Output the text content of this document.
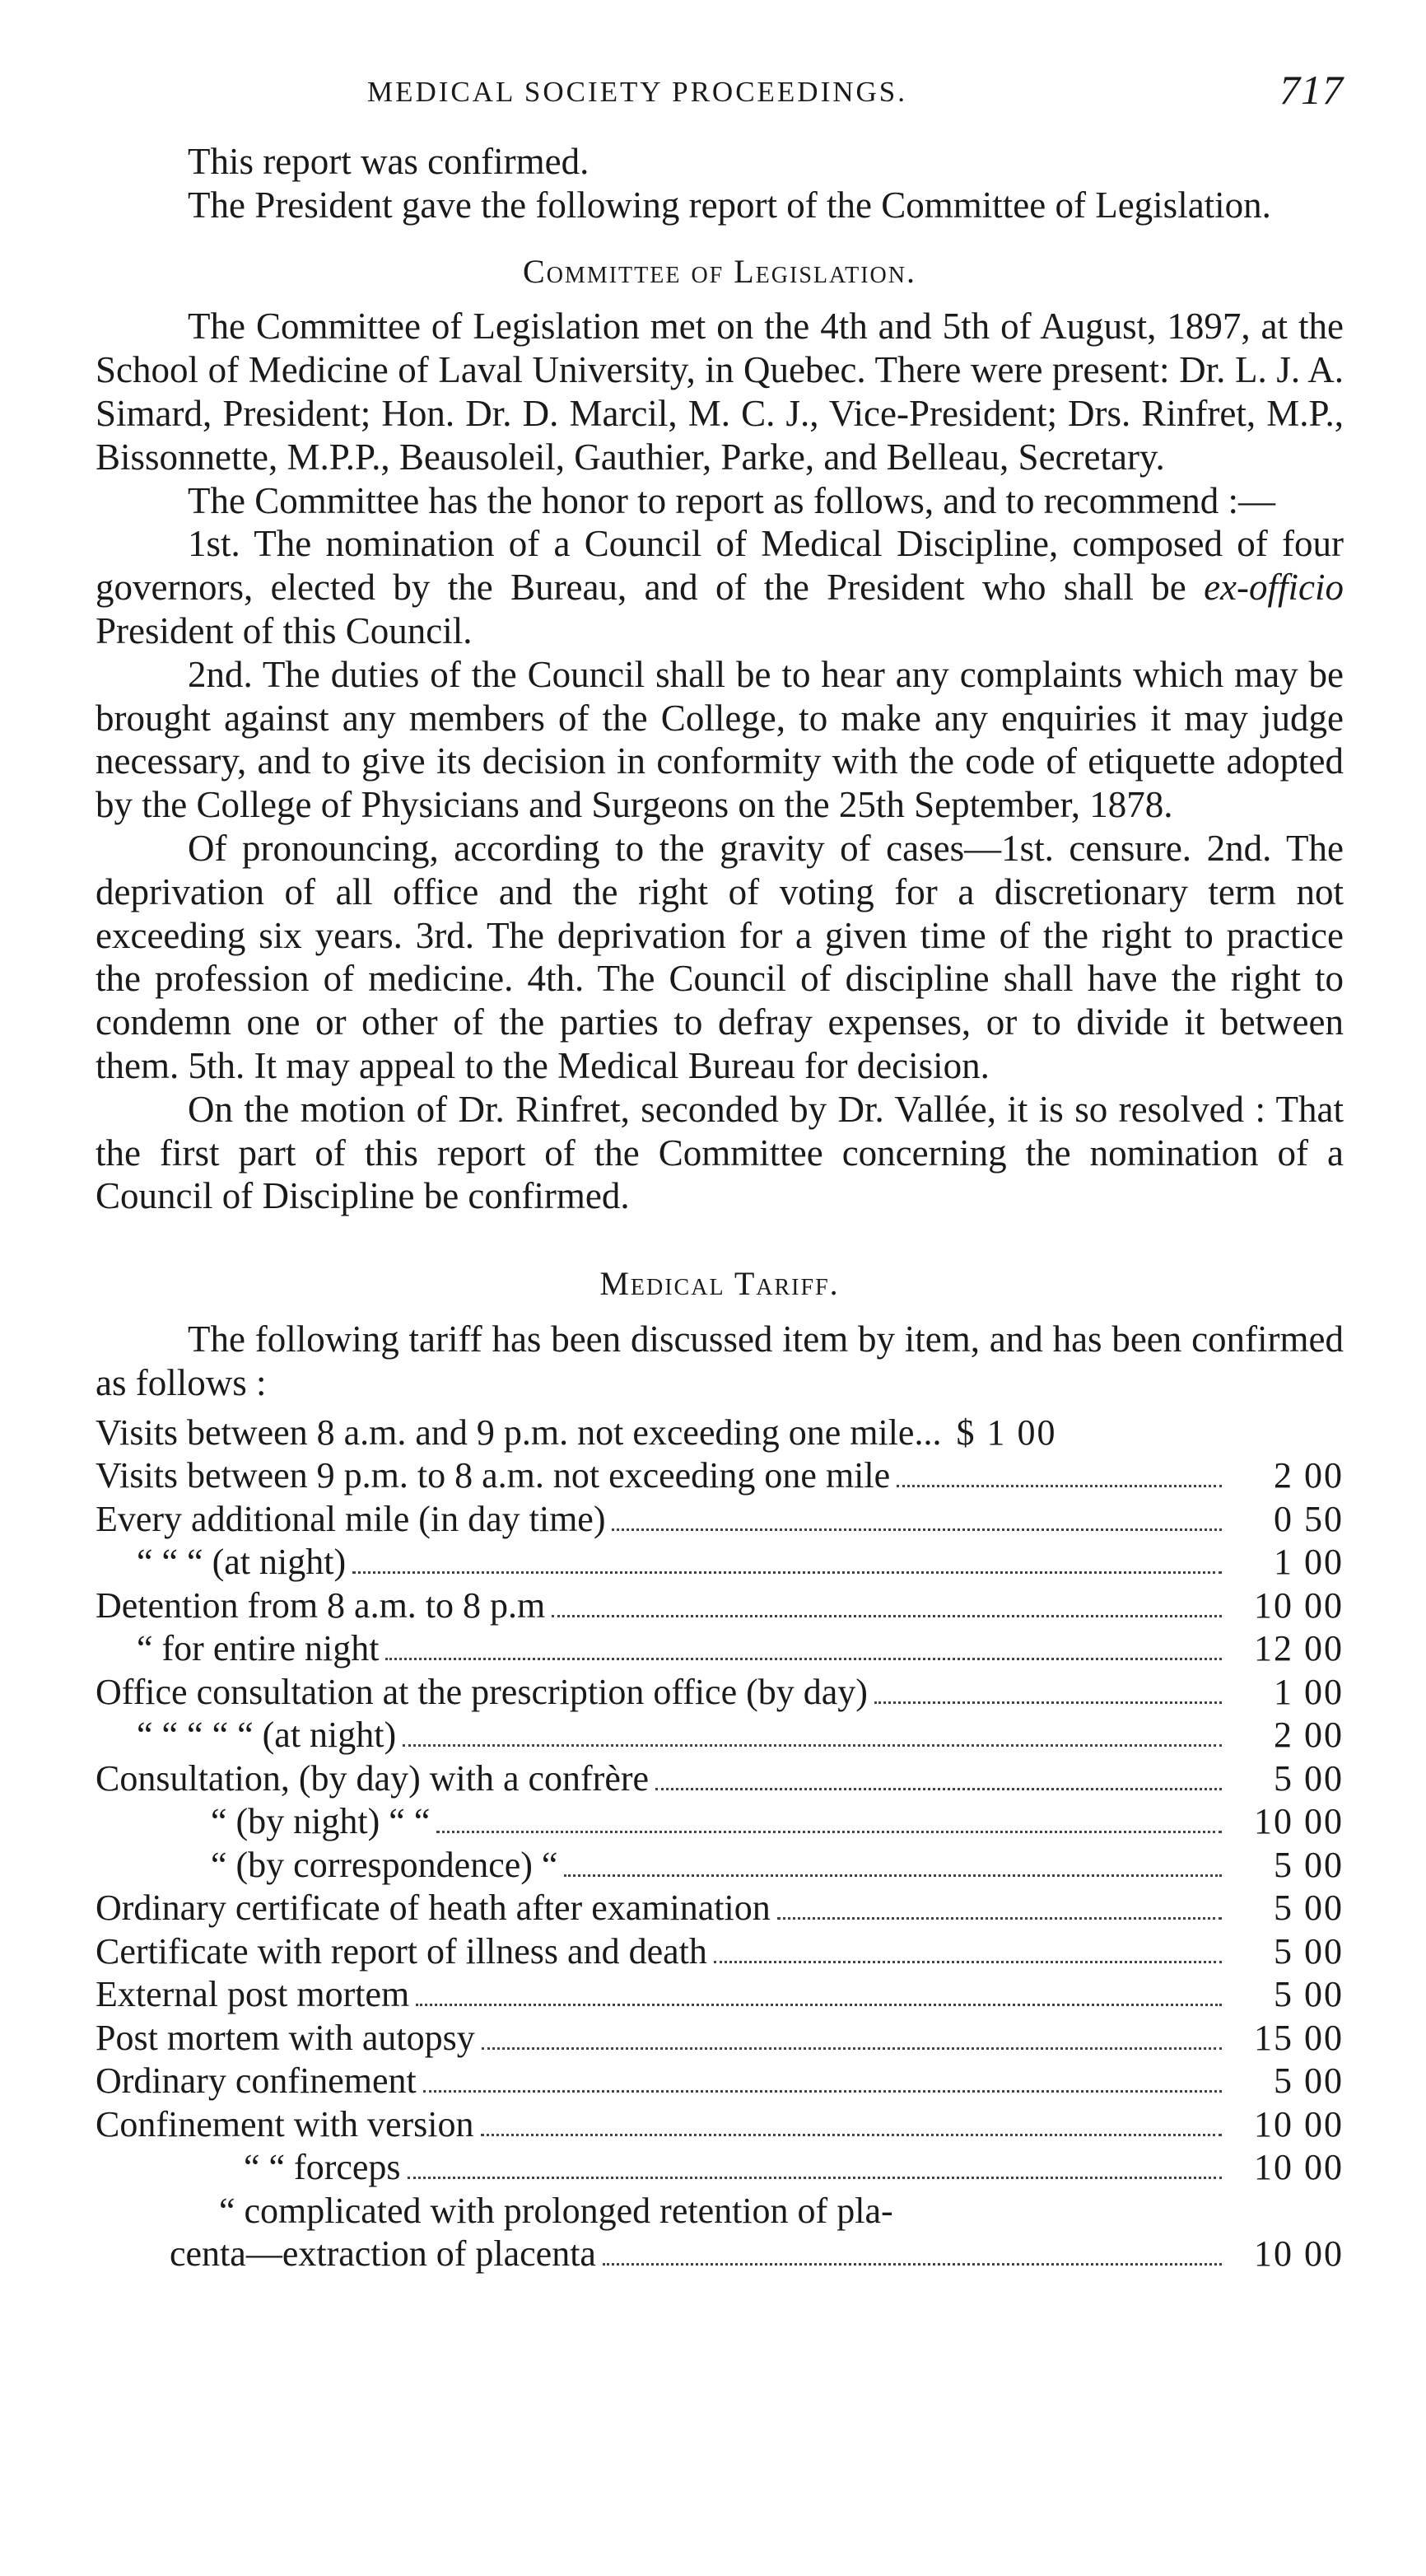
MEDICAL SOCIETY PROCEEDINGS.	717

This report was confirmed.

The President gave the following report of the Committee of Legislation.

Committee of Legislation.

The Committee of Legislation met on the 4th and 5th of August, 1897, at the School of Medicine of Laval University, in Quebec. There were present: Dr. L. J. A. Simard, President; Hon. Dr. D. Marcil, M. C. J., Vice-President; Drs. Rinfret, M.P., Bissonnette, M.P.P., Beausoleil, Gauthier, Parke, and Belleau, Secretary.

The Committee has the honor to report as follows, and to recommend :—

1st. The nomination of a Council of Medical Discipline, composed of four governors, elected by the Bureau, and of the President who shall be ex-officio President of this Council.

2nd. The duties of the Council shall be to hear any complaints which may be brought against any members of the College, to make any enquiries it may judge necessary, and to give its decision in conformity with the code of etiquette adopted by the College of Physicians and Surgeons on the 25th September, 1878.

Of pronouncing, according to the gravity of cases—1st. censure. 2nd. The deprivation of all office and the right of voting for a discretionary term not exceeding six years. 3rd. The deprivation for a given time of the right to practice the profession of medicine. 4th. The Council of discipline shall have the right to condemn one or other of the parties to defray expenses, or to divide it between them. 5th. It may appeal to the Medical Bureau for decision.

On the motion of Dr. Rinfret, seconded by Dr. Vallée, it is so resolved : That the first part of this report of the Committee concerning the nomination of a Council of Discipline be confirmed.

Medical Tariff.

The following tariff has been discussed item by item, and has been confirmed as follows :

Visits between 8 a.m. and 9 p.m. not exceeding one mile... $ 1 00
Visits between 9 p.m. to 8 a.m. not exceeding one mile	2 00
Every additional mile (in day time)	0 50
“ “ “ (at night)	1 00
Detention from 8 a.m. to 8 p.m	10 00
“ for entire night	12 00
Office consultation at the prescription office (by day)	1 00
“ “ “ “ “ (at night)	2 00
Consultation, (by day) with a confrère	5 00
“ (by night) “ “	10 00
“ (by correspondence) “	5 00
Ordinary certificate of heath after examination	5 00
Certificate with report of illness and death	5 00
External post mortem	5 00
Post mortem with autopsy	15 00
Ordinary confinement	5 00
Confinement with version	10 00
“ “ forceps	10 00
“ complicated with prolonged retention of pla-
centa—extraction of placenta	10 00
